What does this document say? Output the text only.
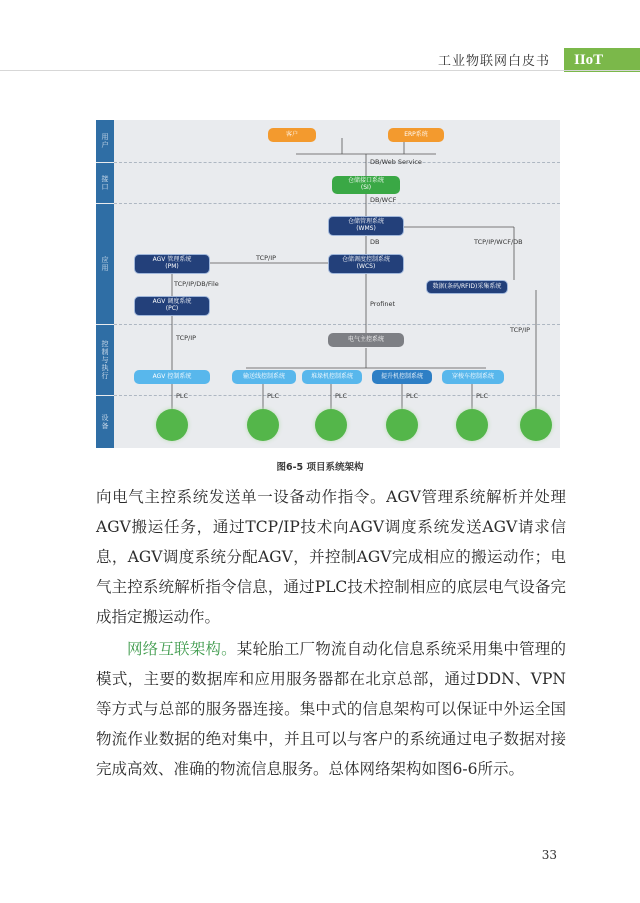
工业物联网白皮书	IIoT
用户
接口
应用
控制与执行
设备
客户	ERP系统
仓储接口系统
(SI)
仓储管理系统
(WMS)
仓储调度控制系统
(WCS)
AGV 管理系统
(PM)
AGV 调度系统
(PC)
数据(条码/RFID)采集系统
电气主控系统
AGV 控制系统	输送线控制系统	堆垛机控制系统	提升机控制系统	穿梭车控制系统
DB/Web Service
DB/WCF
DB
TCP/IP
TCP/IP/WCF/DB
TCP/IP/DB/File
Profinet
TCP/IP
TCP/IP
PLC	PLC	PLC	PLC	PLC
图6-5 项目系统架构
向电气主控系统发送单一设备动作指令。AGV管理系统解析并处理AGV搬运任务，通过TCP/IP技术向AGV调度系统发送AGV请求信息，AGV调度系统分配AGV，并控制AGV完成相应的搬运动作；电气主控系统解析指令信息，通过PLC技术控制相应的底层电气设备完成指定搬运动作。
网络互联架构。某轮胎工厂物流自动化信息系统采用集中管理的模式，主要的数据库和应用服务器都在北京总部，通过DDN、VPN等方式与总部的服务器连接。集中式的信息架构可以保证中外运全国物流作业数据的绝对集中，并且可以与客户的系统通过电子数据对接完成高效、准确的物流信息服务。总体网络架构如图6-6所示。
33
